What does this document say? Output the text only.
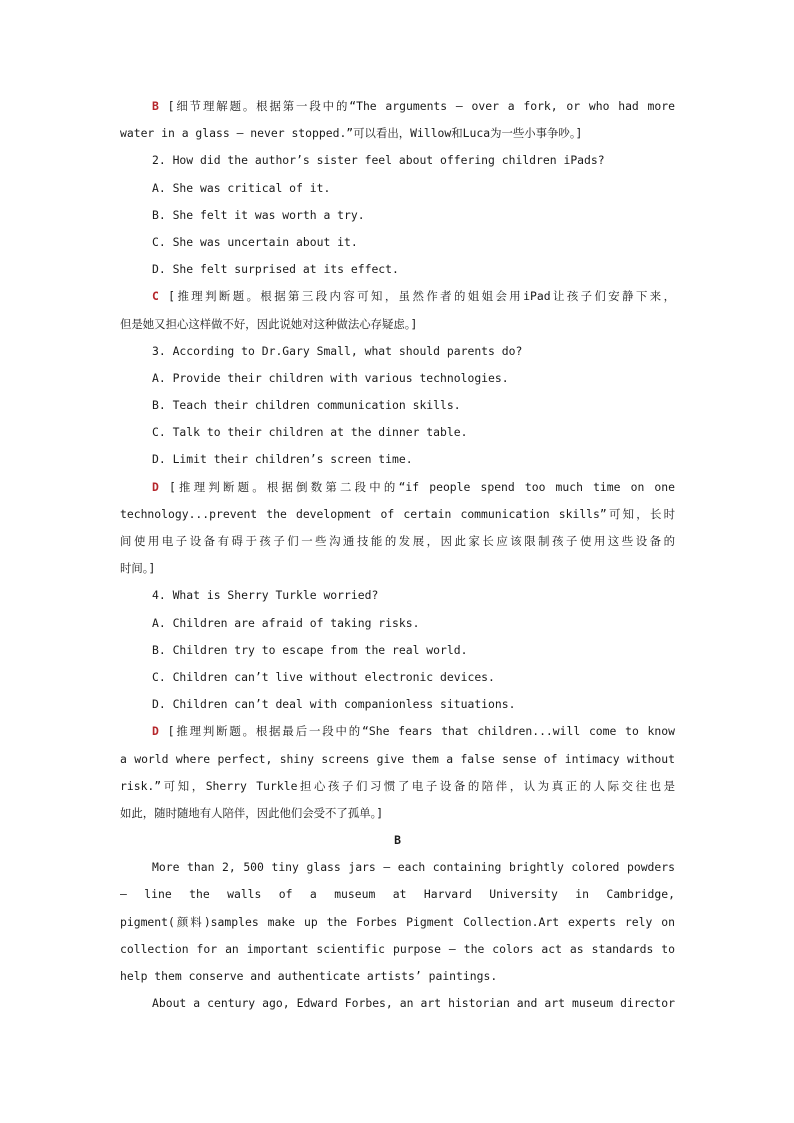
B [细节理解题。根据第一段中的“The arguments — over a fork, or who had more
water in a glass — never stopped.”可以看出，Willow和Luca为一些小事争吵。]
2. How did the author’s sister feel about offering children iPads?
A. She was critical of it.
B. She felt it was worth a try.
C. She was uncertain about it.
D. She felt surprised at its effect.
C [推理判断题。根据第三段内容可知，虽然作者的姐姐会用iPad让孩子们安静下来，
但是她又担心这样做不好，因此说她对这种做法心存疑虑。]
3. According to Dr.Gary Small, what should parents do?
A. Provide their children with various technologies.
B. Teach their children communication skills.
C. Talk to their children at the dinner table.
D. Limit their children’s screen time.
D [推理判断题。根据倒数第二段中的“if people spend too much time on one
technology...prevent the development of certain communication skills”可知，长时
间使用电子设备有碍于孩子们一些沟通技能的发展，因此家长应该限制孩子使用这些设备的
时间。]
4. What is Sherry Turkle worried?
A. Children are afraid of taking risks.
B. Children try to escape from the real world.
C. Children can’t live without electronic devices.
D. Children can’t deal with companionless situations.
D [推理判断题。根据最后一段中的“She fears that children...will come to know
a world where perfect, shiny screens give them a false sense of intimacy without
risk.”可知，Sherry Turkle担心孩子们习惯了电子设备的陪伴，认为真正的人际交往也是
如此，随时随地有人陪伴，因此他们会受不了孤单。]
B
More than 2, 500 tiny glass jars — each containing brightly colored powders
— line the walls of a museum at Harvard University in Cambridge,
pigment(颜料)samples make up the Forbes Pigment Collection.Art experts rely on
collection for an important scientific purpose — the colors act as standards to
help them conserve and authenticate artists’ paintings.
About a century ago, Edward Forbes, an art historian and art museum director
